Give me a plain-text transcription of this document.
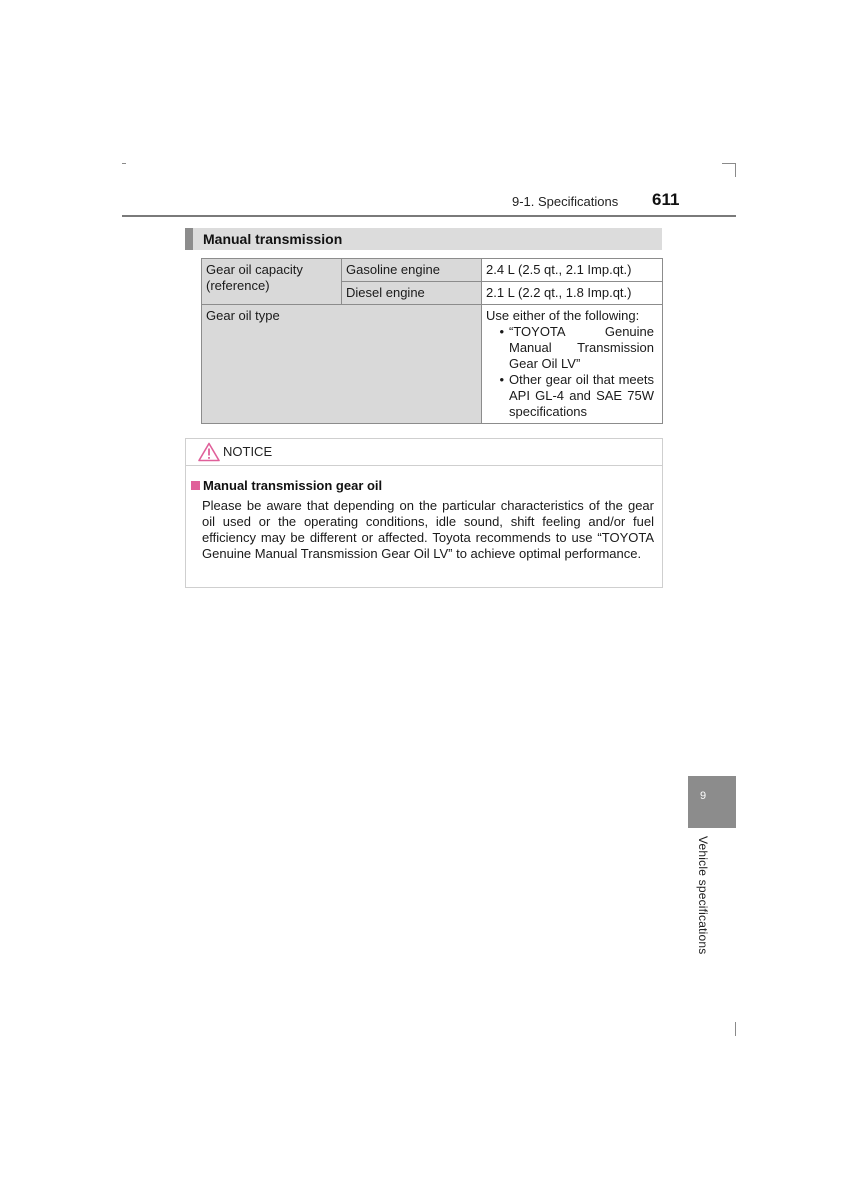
9-1. Specifications 611
Manual transmission
Gear oil capacity (reference)	Gasoline engine	2.4 L (2.5 qt., 2.1 Imp.qt.)
	Diesel engine	2.1 L (2.2 qt., 1.8 Imp.qt.)
Gear oil type		Use either of the following:
• “TOYOTA Genuine Manual Transmission Gear Oil LV”
• Other gear oil that meets API GL-4 and SAE 75W specifications
NOTICE
Manual transmission gear oil

Please be aware that depending on the particular characteristics of the gear oil used or the operating conditions, idle sound, shift feeling and/or fuel efficiency may be different or affected. Toyota recommends to use “TOYOTA Genuine Manual Transmission Gear Oil LV” to achieve optimal performance.

9
Vehicle specifications
